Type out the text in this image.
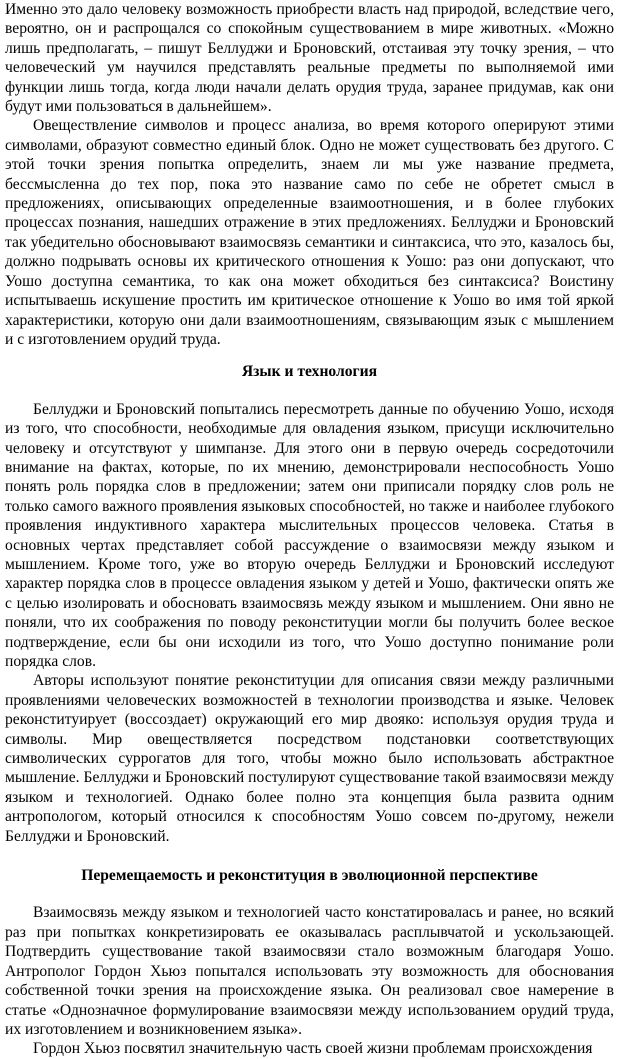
Именно это дало человеку возможность приобрести власть над природой, вследствие чего, вероятно, он и распрощался со спокойным существованием в мире животных. «Можно лишь предполагать, – пишут Беллуджи и Броновский, отстаивая эту точку зрения, – что человеческий ум научился представлять реальные предметы по выполняемой ими функции лишь тогда, когда люди начали делать орудия труда, заранее придумав, как они будут ими пользоваться в дальнейшем».

Овеществление символов и процесс анализа, во время которого оперируют этими символами, образуют совместно единый блок. Одно не может существовать без другого. С этой точки зрения попытка определить, знаем ли мы уже название предмета, бессмысленна до тех пор, пока это название само по себе не обретет смысл в предложениях, описывающих определенные взаимоотношения, и в более глубоких процессах познания, нашедших отражение в этих предложениях. Беллуджи и Броновский так убедительно обосновывают взаимосвязь семантики и синтаксиса, что это, казалось бы, должно подрывать основы их критического отношения к Уошо: раз они допускают, что Уошо доступна семантика, то как она может обходиться без синтаксиса? Воистину испытываешь искушение простить им критическое отношение к Уошо во имя той яркой характеристики, которую они дали взаимоотношениям, связывающим язык с мышлением и с изготовлением орудий труда.

Язык и технология

Беллуджи и Броновский попытались пересмотреть данные по обучению Уошо, исходя из того, что способности, необходимые для овладения языком, присущи исключительно человеку и отсутствуют у шимпанзе. Для этого они в первую очередь сосредоточили внимание на фактах, которые, по их мнению, демонстрировали неспособность Уошо понять роль порядка слов в предложении; затем они приписали порядку слов роль не только самого важного проявления языковых способностей, но также и наиболее глубокого проявления индуктивного характера мыслительных процессов человека. Статья в основных чертах представляет собой рассуждение о взаимосвязи между языком и мышлением. Кроме того, уже во вторую очередь Беллуджи и Броновский исследуют характер порядка слов в процессе овладения языком у детей и Уошо, фактически опять же с целью изолировать и обосновать взаимосвязь между языком и мышлением. Они явно не поняли, что их соображения по поводу реконституции могли бы получить более веское подтверждение, если бы они исходили из того, что Уошо доступно понимание роли порядка слов.

Авторы используют понятие реконституции для описания связи между различными проявлениями человеческих возможностей в технологии производства и языке. Человек реконституирует (воссоздает) окружающий его мир двояко: используя орудия труда и символы. Мир овеществляется посредством подстановки соответствующих символических суррогатов для того, чтобы можно было использовать абстрактное мышление. Беллуджи и Броновский постулируют существование такой взаимосвязи между языком и технологией. Однако более полно эта концепция была развита одним антропологом, который относился к способностям Уошо совсем по-другому, нежели Беллуджи и Броновский.

Перемещаемость и реконституция в эволюционной перспективе

Взаимосвязь между языком и технологией часто констатировалась и ранее, но всякий раз при попытках конкретизировать ее оказывалась расплывчатой и ускользающей. Подтвердить существование такой взаимосвязи стало возможным благодаря Уошо. Антрополог Гордон Хьюз попытался использовать эту возможность для обоснования собственной точки зрения на происхождение языка. Он реализовал свое намерение в статье «Однозначное формулирование взаимосвязи между использованием орудий труда, их изготовлением и возникновением языка».

Гордон Хьюз посвятил значительную часть своей жизни проблемам происхождения
